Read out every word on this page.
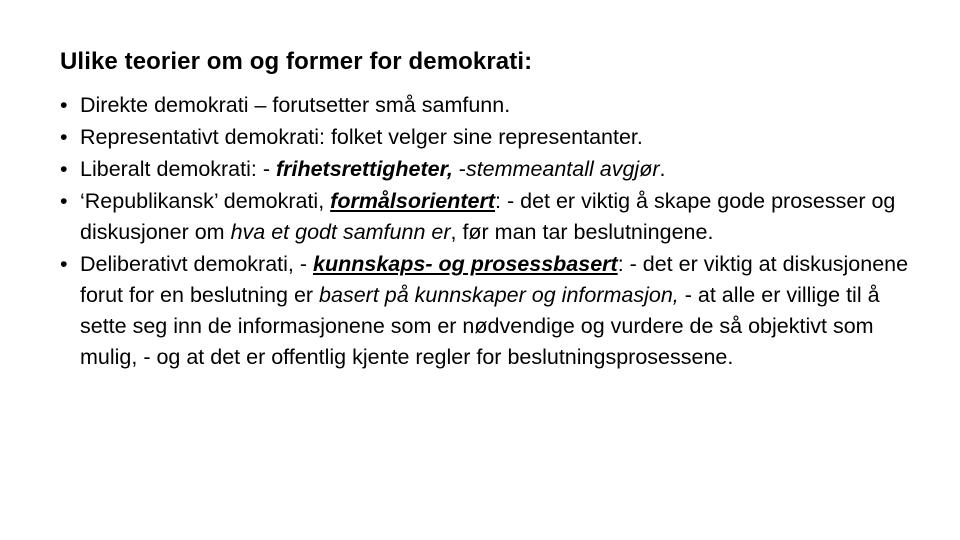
Ulike teorier om og former for demokrati:
• Direkte demokrati – forutsetter små samfunn.
• Representativt demokrati: folket velger sine representanter.
• Liberalt demokrati: - frihetsrettigheter, -stemmeantall avgjør.
• ‘Republikansk’ demokrati, formålsorientert: - det er viktig å skape gode prosesser og diskusjoner om hva et godt samfunn er, før man tar beslutningene.
• Deliberativt demokrati, - kunnskaps- og prosessbasert: - det er viktig at diskusjonene forut for en beslutning er basert på kunnskaper og informasjon, - at alle er villige til å sette seg inn de informasjonene som er nødvendige og vurdere de så objektivt som mulig, - og at det er offentlig kjente regler for beslutningsprosessene.
